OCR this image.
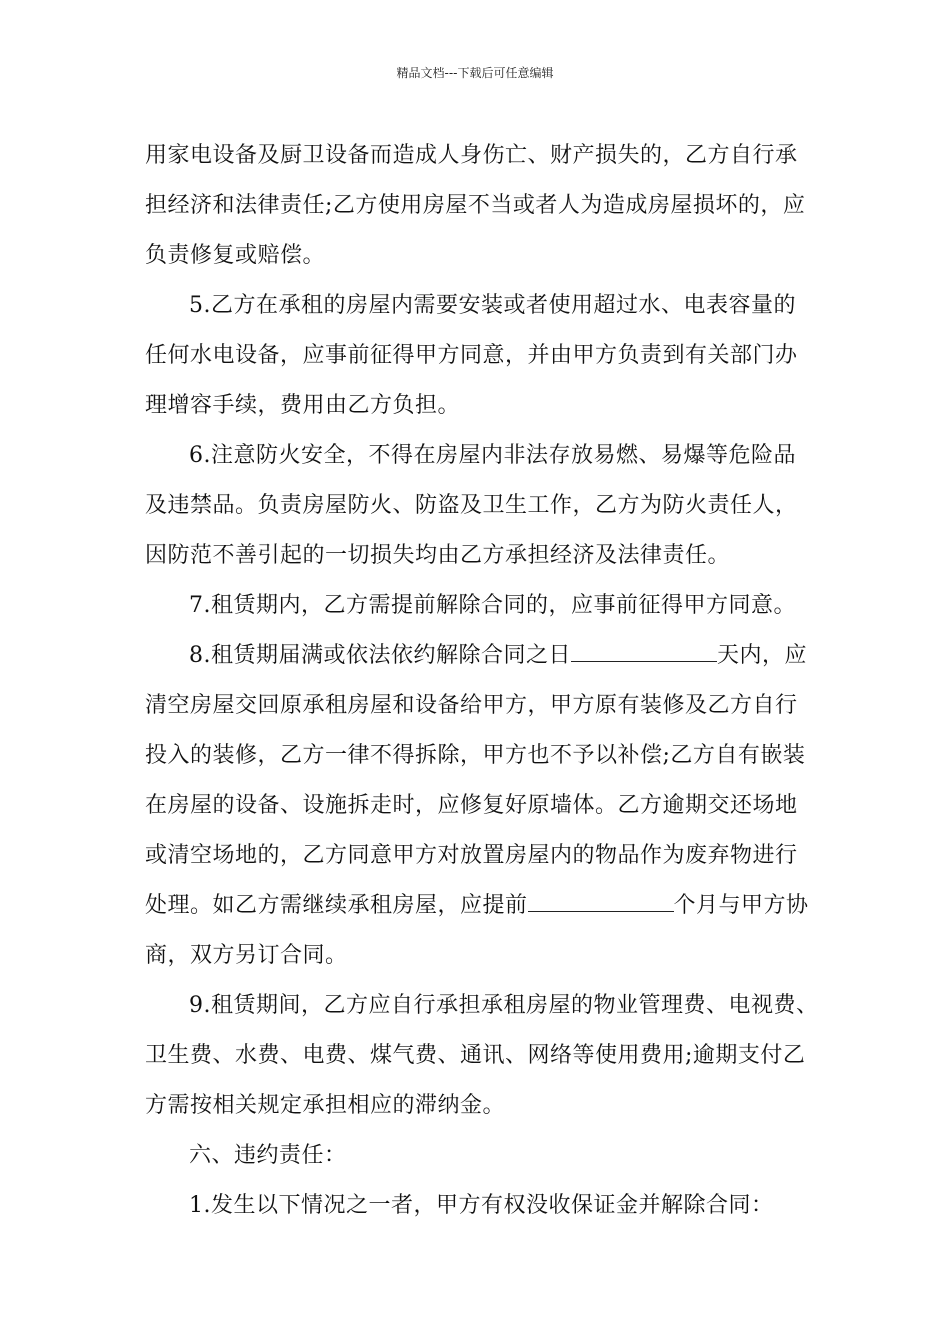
精品文档---下载后可任意编辑
用家电设备及厨卫设备而造成人身伤亡、财产损失的，乙方自行承
担经济和法律责任;乙方使用房屋不当或者人为造成房屋损坏的，应
负责修复或赔偿。
5.乙方在承租的房屋内需要安装或者使用超过水、电表容量的
任何水电设备，应事前征得甲方同意，并由甲方负责到有关部门办
理增容手续，费用由乙方负担。
6.注意防火安全，不得在房屋内非法存放易燃、易爆等危险品
及违禁品。负责房屋防火、防盗及卫生工作，乙方为防火责任人，
因防范不善引起的一切损失均由乙方承担经济及法律责任。
7.租赁期内，乙方需提前解除合同的，应事前征得甲方同意。
8.租赁期届满或依法依约解除合同之日	天内，应
清空房屋交回原承租房屋和设备给甲方，甲方原有装修及乙方自行
投入的装修，乙方一律不得拆除，甲方也不予以补偿;乙方自有嵌装
在房屋的设备、设施拆走时，应修复好原墙体。乙方逾期交还场地
或清空场地的，乙方同意甲方对放置房屋内的物品作为废弃物进行
处理。如乙方需继续承租房屋，应提前	个月与甲方协
商，双方另订合同。
9.租赁期间，乙方应自行承担承租房屋的物业管理费、电视费、
卫生费、水费、电费、煤气费、通讯、网络等使用费用;逾期支付乙
方需按相关规定承担相应的滞纳金。
六、违约责任：
1.发生以下情况之一者，甲方有权没收保证金并解除合同：
